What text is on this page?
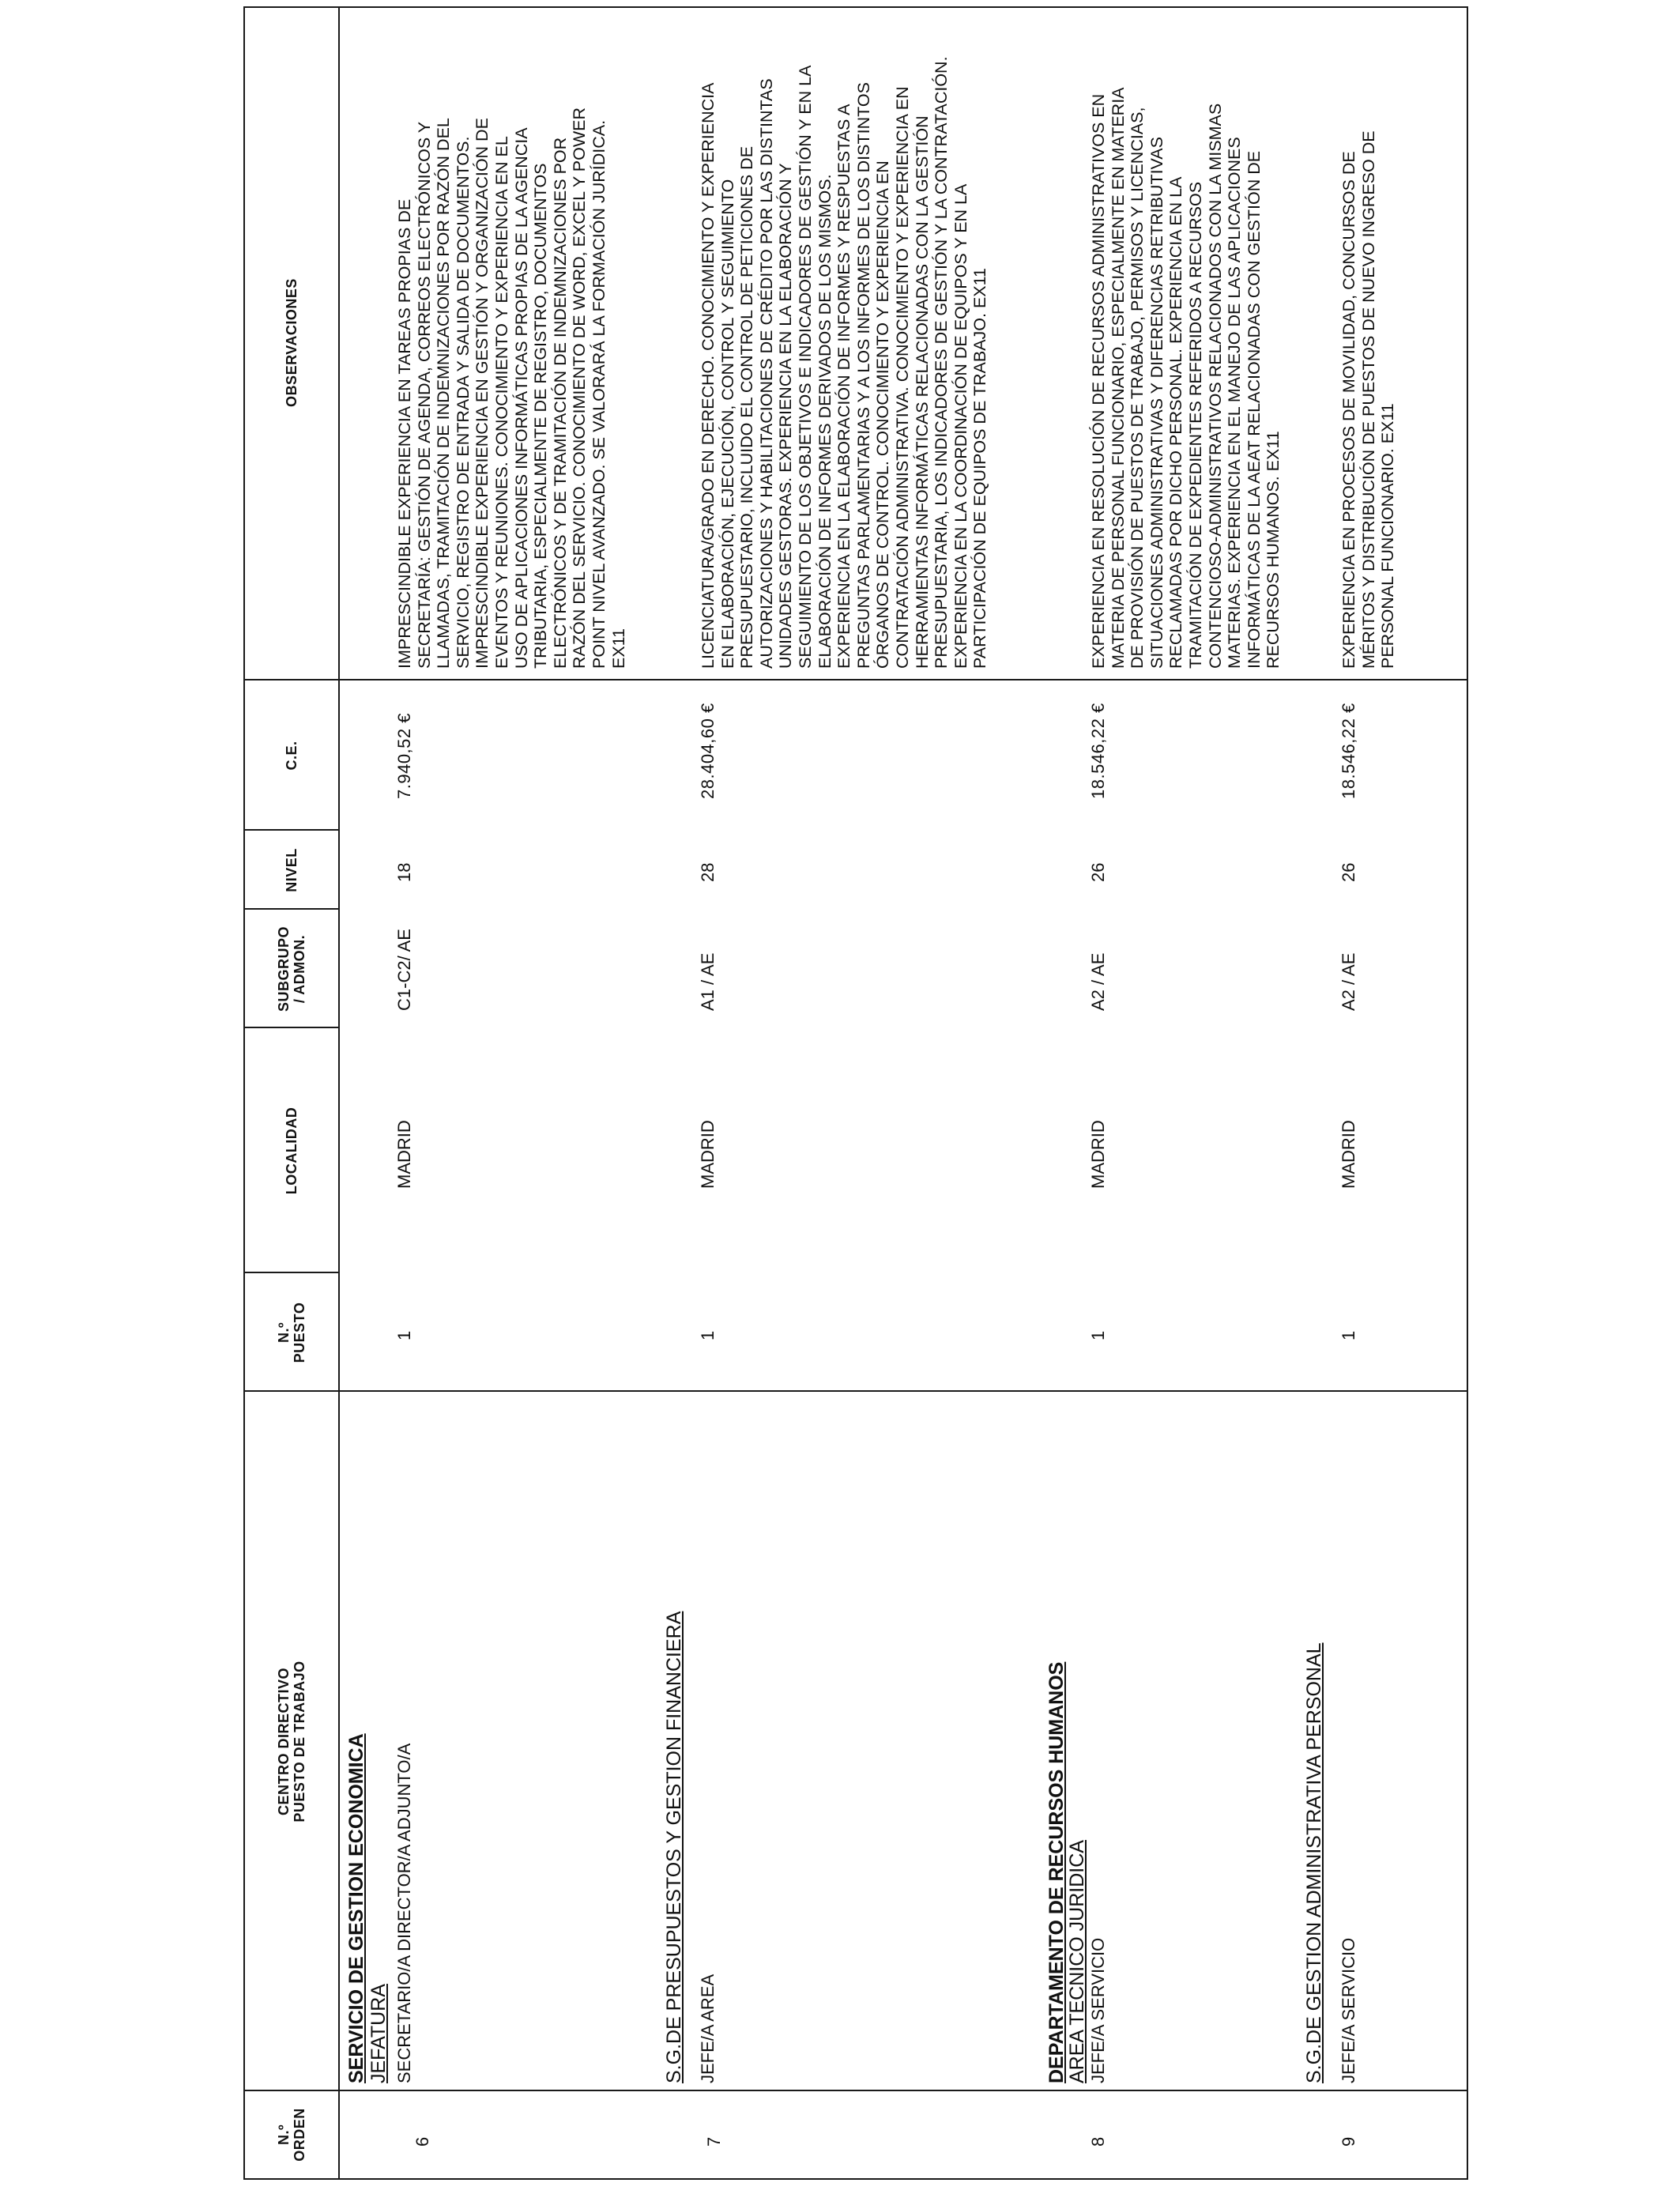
N.º
ORDEN
CENTRO DIRECTIVO
PUESTO DE TRABAJO
N.º
PUESTO
LOCALIDAD
SUBGRUPO
/ ADMON.
NIVEL
C.E.
OBSERVACIONES
6
SERVICIO DE GESTION ECONOMICA JEFATURA SECRETARIO/A DIRECTOR/A ADJUNTO/A
1
MADRID
C1-C2/ AE
18
7.940,52 €
IMPRESCINDIBLE EXPERIENCIA EN TAREAS PROPIAS DE
SECRETARÍA: GESTIÓN DE AGENDA, CORREOS ELECTRÓNICOS Y
LLAMADAS, TRAMITACIÓN DE INDEMNIZACIONES POR RAZÓN DEL
SERVICIO, REGISTRO DE ENTRADA Y SALIDA DE DOCUMENTOS.
IMPRESCINDIBLE EXPERIENCIA EN GESTIÓN Y ORGANIZACIÓN DE
EVENTOS Y REUNIONES. CONOCIMIENTO Y EXPERIENCIA EN EL
USO DE APLICACIONES INFORMÁTICAS PROPIAS DE LA AGENCIA
TRIBUTARIA, ESPECIALMENTE DE REGISTRO, DOCUMENTOS
ELECTRÓNICOS Y DE TRAMITACIÓN DE INDEMNIZACIONES POR
RAZÓN DEL SERVICIO. CONOCIMIENTO DE WORD, EXCEL Y POWER
POINT NIVEL AVANZADO. SE VALORARÁ LA FORMACIÓN JURÍDICA.
EX11
7
S.G.DE PRESUPUESTOS Y GESTION FINANCIERA JEFE/A AREA
1
MADRID
A1 / AE
28
28.404,60 €
LICENCIATURA/GRADO EN DERECHO. CONOCIMIENTO Y EXPERIENCIA
EN ELABORACIÓN, EJECUCIÓN, CONTROL Y SEGUIMIENTO
PRESUPUESTARIO, INCLUIDO EL CONTROL DE PETICIONES DE
AUTORIZACIONES Y HABILITACIONES DE CRÉDITO POR LAS DISTINTAS
UNIDADES GESTORAS. EXPERIENCIA EN LA ELABORACIÓN Y
SEGUIMIENTO DE LOS OBJETIVOS E INDICADORES DE GESTIÓN Y EN LA
ELABORACIÓN DE INFORMES DERIVADOS DE LOS MISMOS.
EXPERIENCIA EN LA ELABORACIÓN DE INFORMES Y RESPUESTAS A
PREGUNTAS PARLAMENTARIAS Y A LOS INFORMES DE LOS DISTINTOS
ÓRGANOS DE CONTROL. CONOCIMIENTO Y EXPERIENCIA EN
CONTRATACIÓN ADMINISTRATIVA. CONOCIMIENTO Y EXPERIENCIA EN
HERRAMIENTAS INFORMÁTICAS RELACIONADAS CON LA GESTIÓN
PRESUPUESTARIA, LOS INDICADORES DE GESTIÓN Y LA CONTRATACIÓN.
EXPERIENCIA EN LA COORDINACIÓN DE EQUIPOS Y EN LA
PARTICIPACIÓN DE EQUIPOS DE TRABAJO. EX11
8
DEPARTAMENTO DE RECURSOS HUMANOS
AREA TECNICO JURIDICA JEFE/A SERVICIO
1
MADRID
A2 / AE
26
18.546,22 €
EXPERIENCIA EN RESOLUCIÓN DE RECURSOS ADMINISTRATIVOS EN
MATERIA DE PERSONAL FUNCIONARIO, ESPECIALMENTE EN MATERIA
DE PROVISIÓN DE PUESTOS DE TRABAJO, PERMISOS Y LICENCIAS,
SITUACIONES ADMINISTRATIVAS Y DIFERENCIAS RETRIBUTIVAS
RECLAMADAS POR DICHO PERSONAL. EXPERIENCIA EN LA
TRAMITACIÓN DE EXPEDIENTES REFERIDOS A RECURSOS
CONTENCIOSO-ADMINISTRATIVOS RELACIONADOS CON LA MISMAS
MATERIAS. EXPERIENCIA EN EL MANEJO DE LAS APLICACIONES
INFORMÁTICAS DE LA AEAT RELACIONADAS CON GESTIÓN DE
RECURSOS HUMANOS. EX11
9
S.G.DE GESTION ADMINISTRATIVA PERSONAL JEFE/A SERVICIO
1
MADRID
A2 / AE
26
18.546,22 €
EXPERIENCIA EN PROCESOS DE MOVILIDAD, CONCURSOS DE
MÉRITOS Y DISTRIBUCIÓN DE PUESTOS DE NUEVO INGRESO DE
PERSONAL FUNCIONARIO. EX11
